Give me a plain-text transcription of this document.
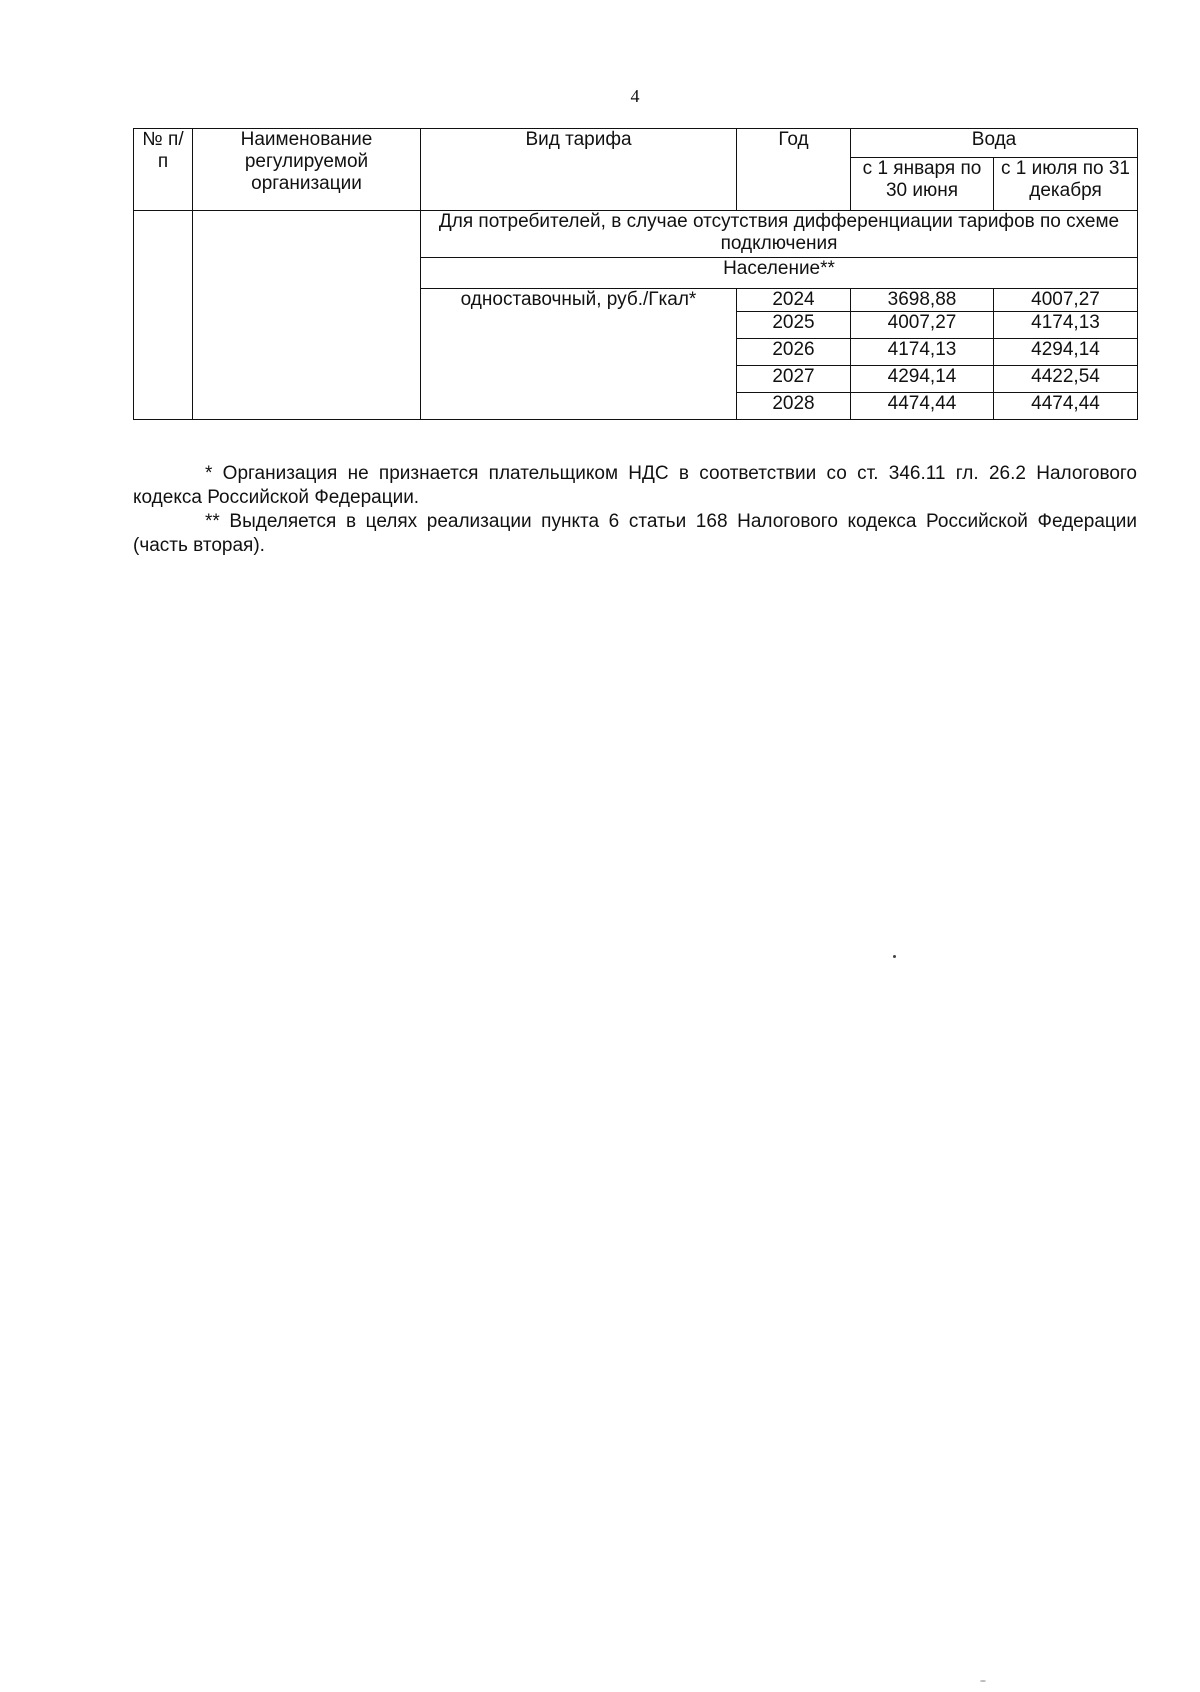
4
№ п/п	Наименование регулируемой организации	Вид тарифа	Год	Вода	
				с 1 января по 30 июня	с 1 июля по 31 декабря
		Для потребителей, в случае отсутствия дифференциации тарифов по схеме подключения			
		Население**			
		одноставочный, руб./Гкал*	2024	3698,88	4007,27
			2025	4007,27	4174,13
			2026	4174,13	4294,14
			2027	4294,14	4422,54
			2028	4474,44	4474,44

* Организация не признается плательщиком НДС в соответствии со ст. 346.11 гл. 26.2 Налогового кодекса Российской Федерации.

** Выделяется в целях реализации пункта 6 статьи 168 Налогового кодекса Российской Федерации (часть вторая).
